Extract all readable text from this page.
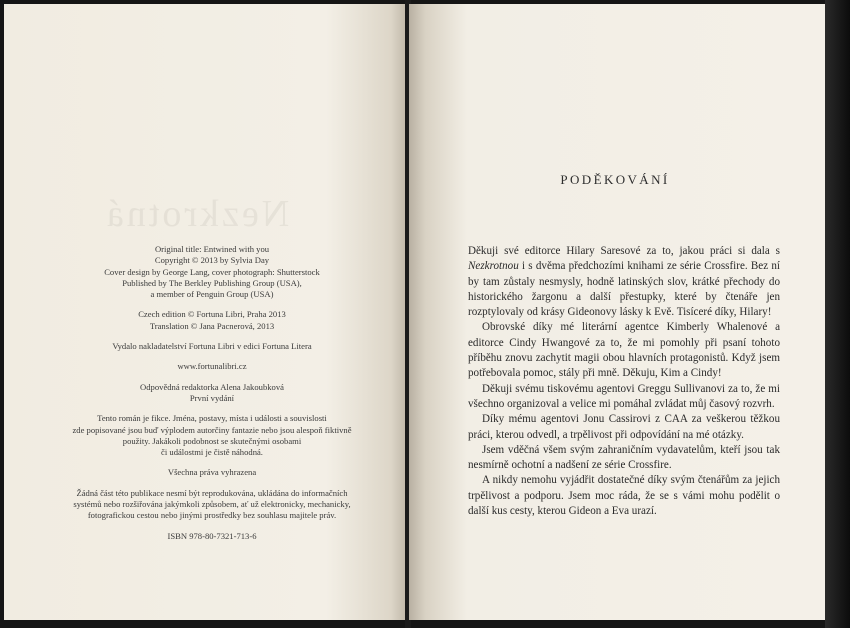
Nezkrotná

Original title: Entwined with you

Copyright © 2013 by Sylvia Day

Cover design by George Lang, cover photograph: Shutterstock

Published by The Berkley Publishing Group (USA),

a member of Penguin Group (USA)

Czech edition © Fortuna Libri, Praha 2013

Translation © Jana Pacnerová, 2013

Vydalo nakladatelství Fortuna Libri v edici Fortuna Litera

www.fortunalibri.cz

Odpovědná redaktorka Alena Jakoubková

První vydání

Tento román je fikce. Jména, postavy, místa i události a souvislosti

zde popisované jsou buď výplodem autorčiny fantazie nebo jsou alespoň fiktivně

použity. Jakákoli podobnost se skutečnými osobami

či událostmi je čistě náhodná.

Všechna práva vyhrazena

Žádná část této publikace nesmí být reprodukována, ukládána do informačních

systémů nebo rozšiřována jakýmkoli způsobem, ať už elektronicky, mechanicky,

fotografickou cestou nebo jinými prostředky bez souhlasu majitele práv.

ISBN 978-80-7321-713-6

PODĚKOVÁNÍ

Děkuji své editorce Hilary Saresové za to, jakou práci si dala s Nezkrotnou i s dvěma předchozími knihami ze série Crossfire. Bez ní by tam zůstaly nesmysly, hodně latinských slov, krátké přechody do historického žargonu a další přestupky, které by čtenáře jen rozptylovaly od krásy Gideonovy lásky k Evě. Tisíceré díky, Hilary!

Obrovské díky mé literární agentce Kimberly Whalenové a editorce Cindy Hwangové za to, že mi pomohly při psaní tohoto příběhu znovu zachytit magii obou hlavních protagonistů. Když jsem potřebovala pomoc, stály při mně. Děkuju, Kim a Cindy!

Děkuji svému tiskovému agentovi Greggu Sullivanovi za to, že mi všechno organizoval a velice mi pomáhal zvládat můj časový rozvrh.

Díky mému agentovi Jonu Cassirovi z CAA za veškerou těžkou práci, kterou odvedl, a trpělivost při odpovídání na mé otázky.

Jsem vděčná všem svým zahraničním vydavatelům, kteří jsou tak nesmírně ochotní a nadšení ze série Crossfire.

A nikdy nemohu vyjádřit dostatečné díky svým čtenářům za jejich trpělivost a podporu. Jsem moc ráda, že se s vámi mohu podělit o další kus cesty, kterou Gideon a Eva urazí.
